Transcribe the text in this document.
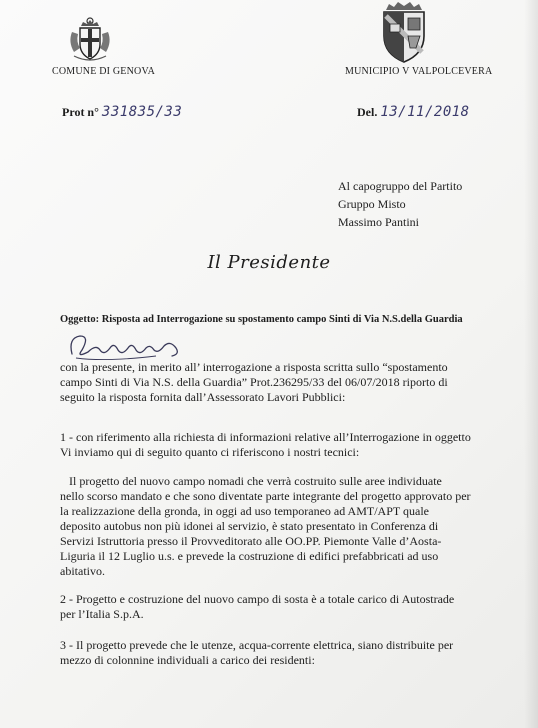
COMUNE DI GENOVA	MUNICIPIO V VALPOLCEVERA
Prot n° 331835/33	Del. 13/11/2018
Al capogruppo del Partito
Gruppo Misto
Massimo Pantini
Il Presidente
Oggetto: Risposta ad Interrogazione su spostamento campo Sinti di Via N.S.della Guardia
con la presente, in merito all’ interrogazione a risposta scritta sullo “spostamento
campo Sinti di Via N.S. della Guardia” Prot.236295/33 del 06/07/2018 riporto di
seguito la risposta fornita dall’Assessorato Lavori Pubblici:
1 - con riferimento alla richiesta di informazioni relative all’Interrogazione in oggetto
Vi inviamo qui di seguito quanto ci riferiscono i nostri tecnici:
Il progetto del nuovo campo nomadi che verrà costruito sulle aree individuate
nello scorso mandato e che sono diventate parte integrante del progetto approvato per
la realizzazione della gronda, in oggi ad uso temporaneo ad AMT/APT quale
deposito autobus non più idonei al servizio, è stato presentato in Conferenza di
Servizi Istruttoria presso il Provveditorato alle OO.PP. Piemonte Valle d’Aosta-
Liguria il 12 Luglio u.s. e prevede la costruzione di edifici prefabbricati ad uso
abitativo.
2 - Progetto e costruzione del nuovo campo di sosta è a totale carico di Autostrade
per l’Italia S.p.A.
3 - Il progetto prevede che le utenze, acqua-corrente elettrica, siano distribuite per
mezzo di colonnine individuali a carico dei residenti:
